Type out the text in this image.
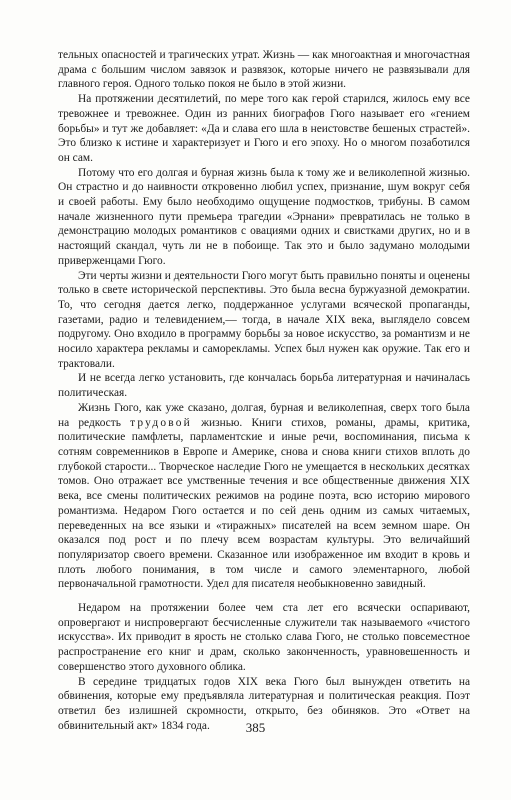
тельных опасностей и трагических утрат. Жизнь — как многоактная и многочастная драма с большим числом завязок и развязок, которые ничего не развязывали для главного героя. Одного только покоя не было в этой жизни.

На протяжении десятилетий, по мере того как герой старился, жилось ему все тревожнее и тревожнее. Один из ранних биографов Гюго называет его «гением борьбы» и тут же добавляет: «Да и слава его шла в неистовстве бешеных страстей». Это близко к истине и характеризует и Гюго и его эпоху. Но о многом позаботился он сам.

Потому что его долгая и бурная жизнь была к тому же и великолепной жизнью. Он страстно и до наивности откровенно любил успех, признание, шум вокруг себя и своей работы. Ему было необходимо ощущение подмостков, трибуны. В самом начале жизненного пути премьера трагедии «Эрнани» превратилась не только в демонстрацию молодых романтиков с овациями одних и свистками других, но и в настоящий скандал, чуть ли не в побоище. Так это и было задумано молодыми приверженцами Гюго.

Эти черты жизни и деятельности Гюго могут быть правильно поняты и оценены только в свете исторической перспективы. Это была весна буржуазной демократии. То, что сегодня дается легко, поддержанное услугами всяческой пропаганды, газетами, радио и телевидением,— тогда, в начале XIX века, выглядело совсем подругому. Оно входило в программу борьбы за новое искусство, за романтизм и не носило характера рекламы и саморекламы. Успех был нужен как оружие. Так его и трактовали.

И не всегда легко установить, где кончалась борьба литературная и начиналась политическая.

Жизнь Гюго, как уже сказано, долгая, бурная и великолепная, сверх того была на редкость трудовой жизнью. Книги стихов, романы, драмы, критика, политические памфлеты, парламентские и иные речи, воспоминания, письма к сотням современников в Европе и Америке, снова и снова книги стихов вплоть до глубокой старости... Творческое наследие Гюго не умещается в нескольких десятках томов. Оно отражает все умственные течения и все общественные движения XIX века, все смены политических режимов на родине поэта, всю историю мирового романтизма. Недаром Гюго остается и по сей день одним из самых читаемых, переведенных на все языки и «тиражных» писателей на всем земном шаре. Он оказался под рост и по плечу всем возрастам культуры. Это величайший популяризатор своего времени. Сказанное или изображенное им входит в кровь и плоть любого понимания, в том числе и самого элементарного, любой первоначальной грамотности. Удел для писателя необыкновенно завидный.

Недаром на протяжении более чем ста лет его всячески оспаривают, опровергают и ниспровергают бесчисленные служители так называемого «чистого искусства». Их приводит в ярость не столько слава Гюго, не столько повсеместное распространение его книг и драм, сколько законченность, уравновешенность и совершенство этого духовного облика.

В середине тридцатых годов XIX века Гюго был вынужден ответить на обвинения, которые ему предъявляла литературная и политическая реакция. Поэт ответил без излишней скромности, открыто, без обиняков. Это «Ответ на обвинительный акт» 1834 года.	385
